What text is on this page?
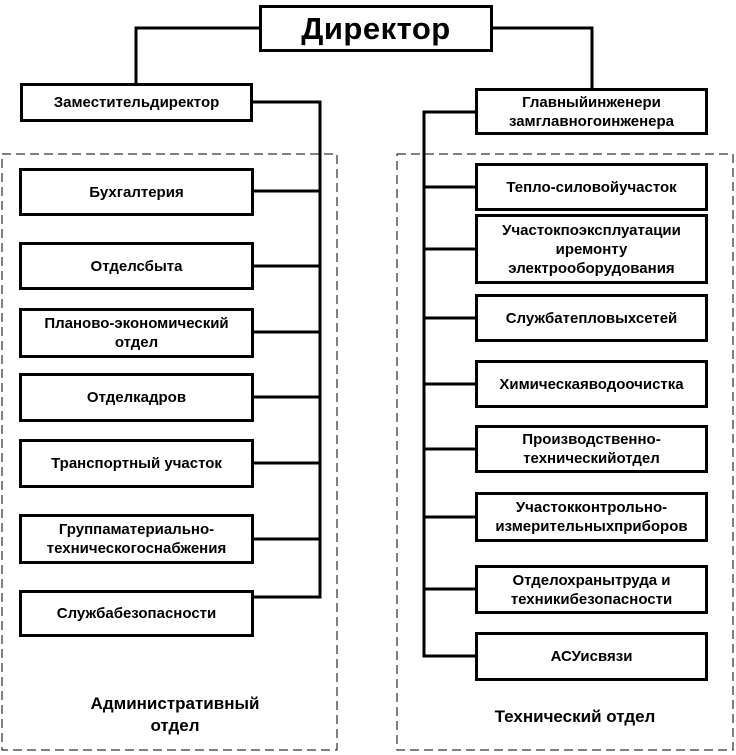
Директор
Заместительдиректор
Бухгалтерия
Отделсбыта
Планово-экономический
отдел
Отделкадров
Транспортный участок
Группаматериально-
техническогоснабжения
Службабезопасности
Главныйинженери
замглавногоинженера
Тепло-силовойучасток
Участокпоэксплуатации
иремонту
электрооборудования
Службатепловыхсетей
Химическаяводоочистка
Производственно-
техническийотдел
Участокконтрольно-
измерительныхприборов
Отделохранытруда и
техникибезопасности
АСУисвязи
Административный
отдел	Технический отдел
